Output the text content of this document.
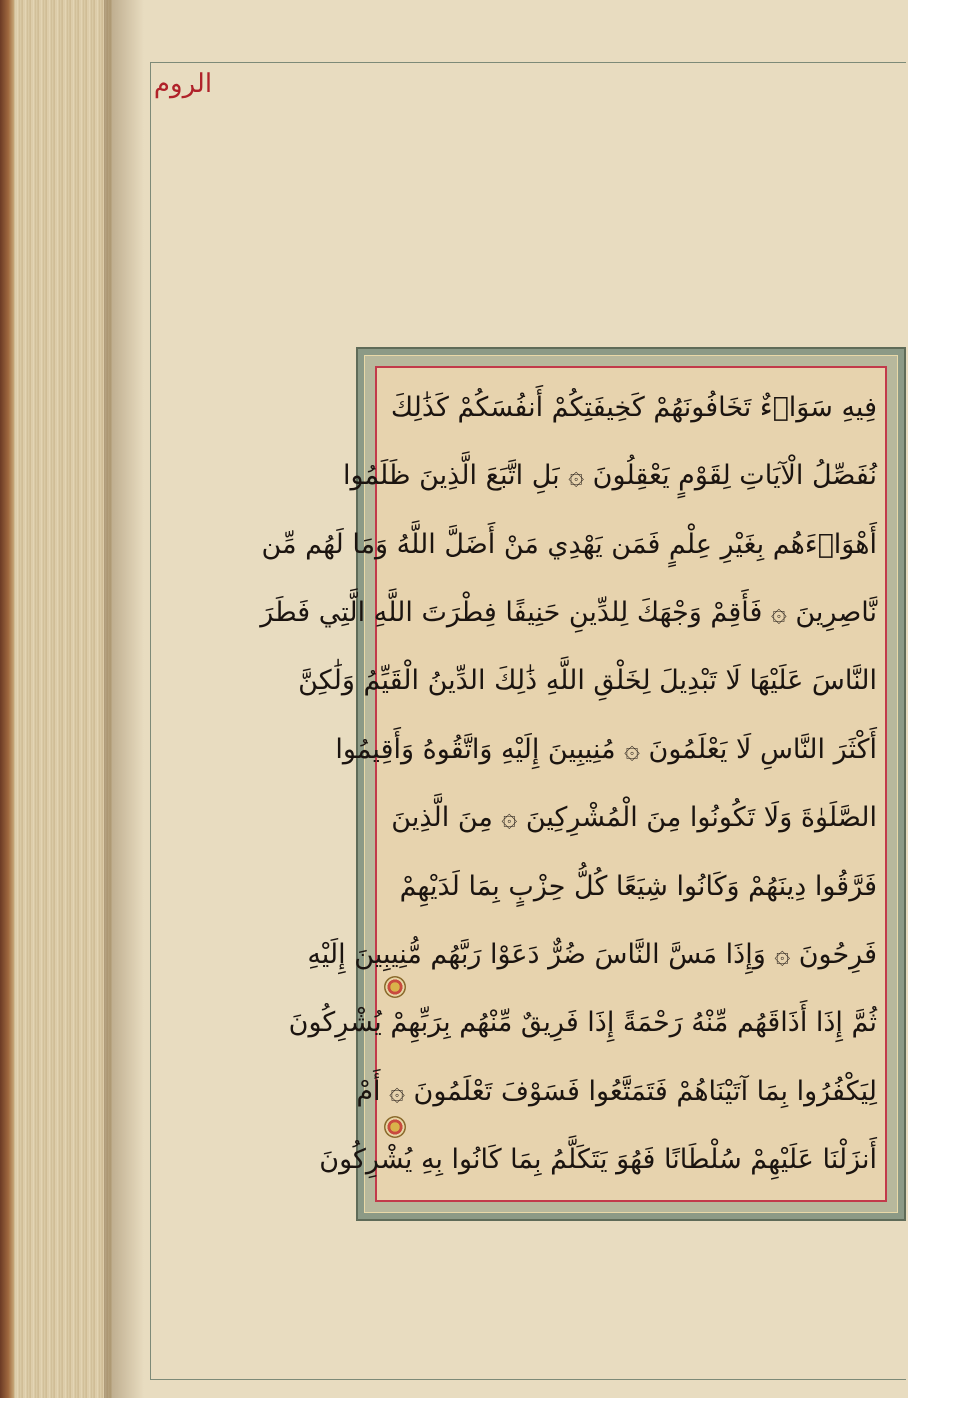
الروم
فِيهِ سَوَاۤءٌ تَخَافُونَهُمْ كَخِيفَتِكُمْ أَنفُسَكُمْ كَذَٰلِكَ
نُفَصِّلُ الْآيَاتِ لِقَوْمٍ يَعْقِلُونَ ۞ بَلِ اتَّبَعَ الَّذِينَ ظَلَمُوا
أَهْوَاۤءَهُم بِغَيْرِ عِلْمٍ فَمَن يَهْدِي مَنْ أَضَلَّ اللَّهُ وَمَا لَهُم مِّن
نَّاصِرِينَ ۞ فَأَقِمْ وَجْهَكَ لِلدِّينِ حَنِيفًا فِطْرَتَ اللَّهِ الَّتِي فَطَرَ
النَّاسَ عَلَيْهَا لَا تَبْدِيلَ لِخَلْقِ اللَّهِ ذَٰلِكَ الدِّينُ الْقَيِّمُ وَلَٰكِنَّ
أَكْثَرَ النَّاسِ لَا يَعْلَمُونَ ۞ مُنِيبِينَ إِلَيْهِ وَاتَّقُوهُ وَأَقِيمُوا
الصَّلَوٰةَ وَلَا تَكُونُوا مِنَ الْمُشْرِكِينَ ۞ مِنَ الَّذِينَ
فَرَّقُوا دِينَهُمْ وَكَانُوا شِيَعًا كُلُّ حِزْبٍ بِمَا لَدَيْهِمْ
فَرِحُونَ ۞ وَإِذَا مَسَّ النَّاسَ ضُرٌّ دَعَوْا رَبَّهُم مُّنِيبِينَ إِلَيْهِ
ثُمَّ إِذَا أَذَاقَهُم مِّنْهُ رَحْمَةً إِذَا فَرِيقٌ مِّنْهُم بِرَبِّهِمْ يُشْرِكُونَ
لِيَكْفُرُوا بِمَا آتَيْنَاهُمْ فَتَمَتَّعُوا فَسَوْفَ تَعْلَمُونَ ۞ أَمْ
أَنزَلْنَا عَلَيْهِمْ سُلْطَانًا فَهُوَ يَتَكَلَّمُ بِمَا كَانُوا بِهِ يُشْرِكُونَ
